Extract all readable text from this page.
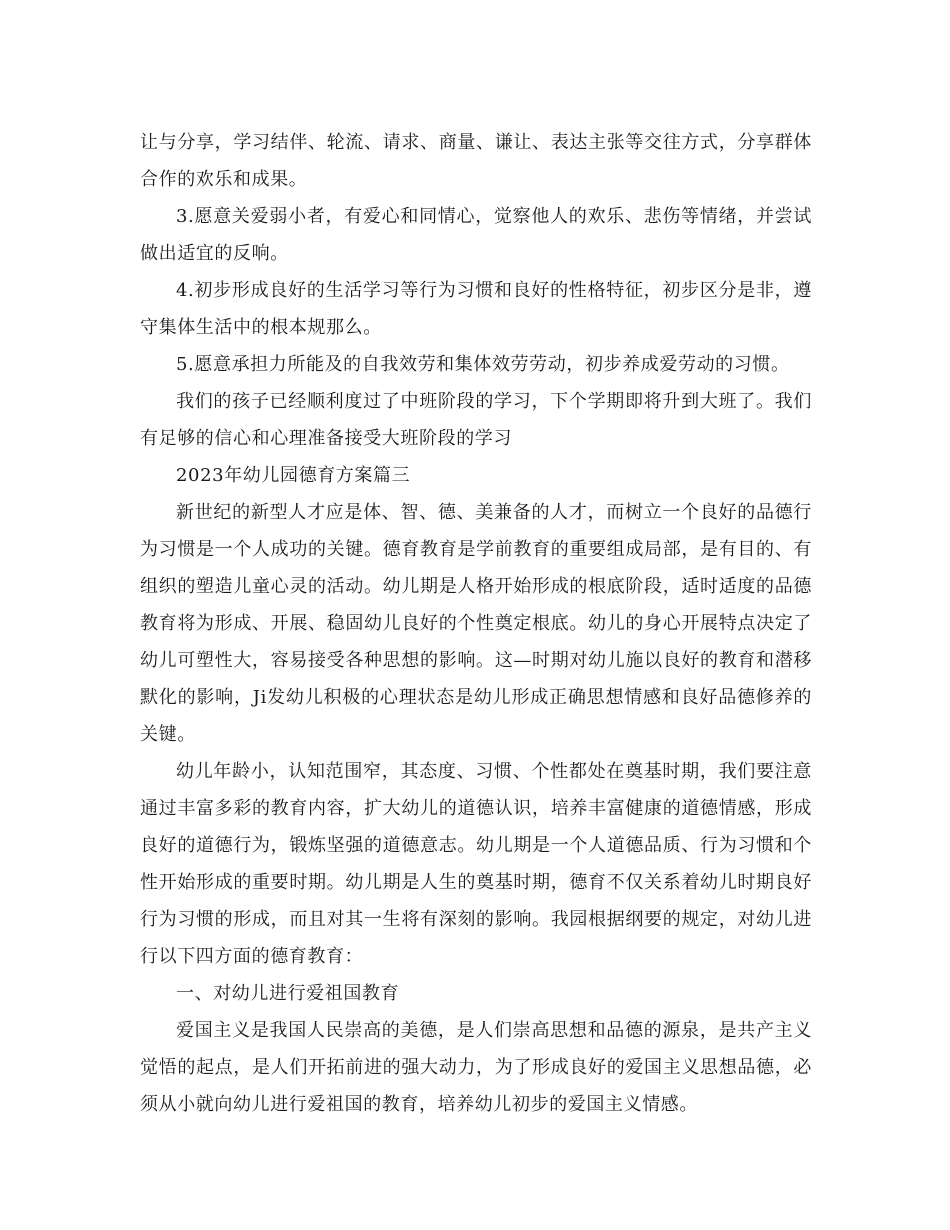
让与分享，学习结伴、轮流、请求、商量、谦让、表达主张等交往方式，分享群体合作的欢乐和成果。

3.愿意关爱弱小者，有爱心和同情心，觉察他人的欢乐、悲伤等情绪，并尝试做出适宜的反响。

4.初步形成良好的生活学习等行为习惯和良好的性格特征，初步区分是非，遵守集体生活中的根本规那么。

5.愿意承担力所能及的自我效劳和集体效劳劳动，初步养成爱劳动的习惯。

我们的孩子已经顺利度过了中班阶段的学习，下个学期即将升到大班了。我们有足够的信心和心理准备接受大班阶段的学习

2023年幼儿园德育方案篇三

新世纪的新型人才应是体、智、德、美兼备的人才，而树立一个良好的品德行为习惯是一个人成功的关键。德育教育是学前教育的重要组成局部，是有目的、有组织的塑造儿童心灵的活动。幼儿期是人格开始形成的根底阶段，适时适度的品德教育将为形成、开展、稳固幼儿良好的个性奠定根底。幼儿的身心开展特点决定了幼儿可塑性大，容易接受各种思想的影响。这—时期对幼儿施以良好的教育和潜移默化的影响，Ji发幼儿积极的心理状态是幼儿形成正确思想情感和良好品德修养的关键。

幼儿年龄小，认知范围窄，其态度、习惯、个性都处在奠基时期，我们要注意通过丰富多彩的教育内容，扩大幼儿的道德认识，培养丰富健康的道德情感，形成良好的道德行为，锻炼坚强的道德意志。幼儿期是一个人道德品质、行为习惯和个性开始形成的重要时期。幼儿期是人生的奠基时期，德育不仅关系着幼儿时期良好行为习惯的形成，而且对其一生将有深刻的影响。我园根据纲要的规定，对幼儿进行以下四方面的德育教育：

一、对幼儿进行爱祖国教育

爱国主义是我国人民崇高的美德，是人们崇高思想和品德的源泉，是共产主义觉悟的起点，是人们开拓前进的强大动力，为了形成良好的爱国主义思想品德，必须从小就向幼儿进行爱祖国的教育，培养幼儿初步的爱国主义情感。
